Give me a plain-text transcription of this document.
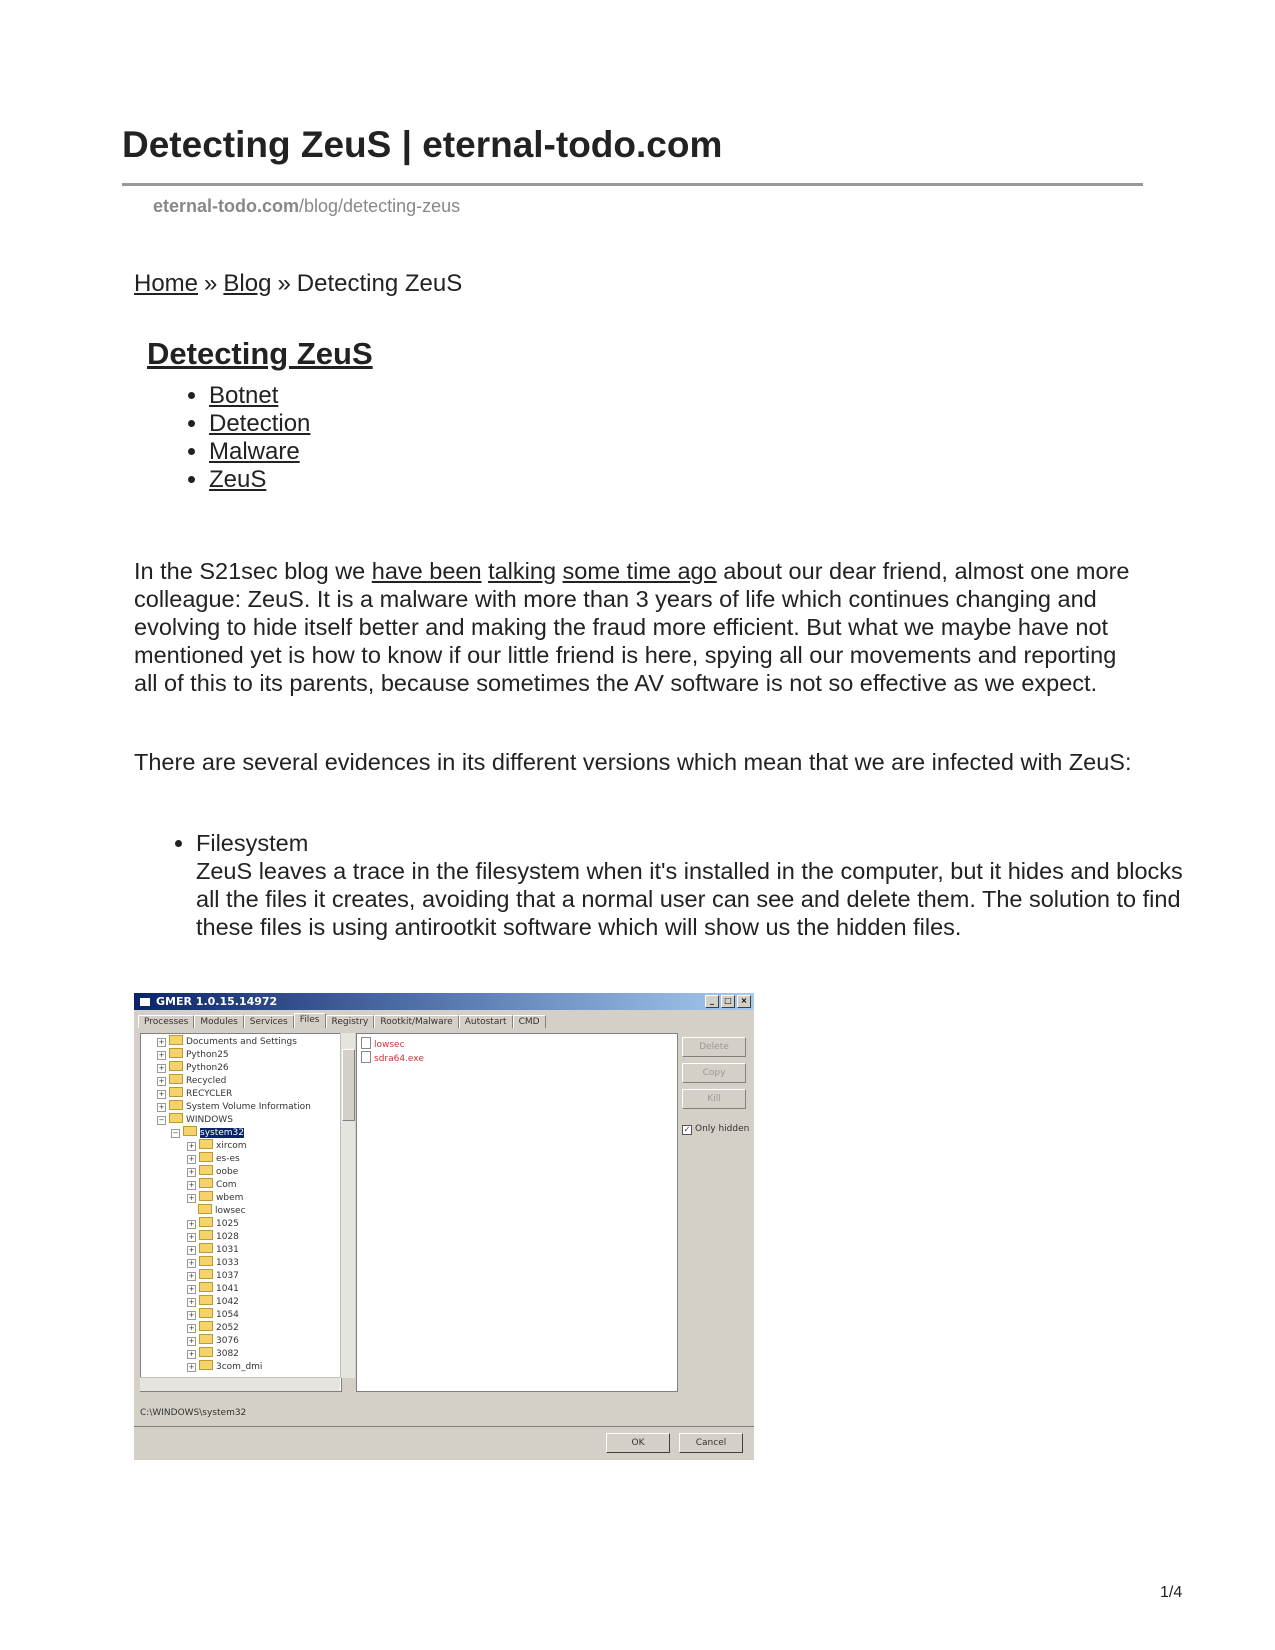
Detecting ZeuS | eternal-todo.com
eternal-todo.com/blog/detecting-zeus
Home » Blog » Detecting ZeuS
Detecting ZeuS
• Botnet
• Detection
• Malware
• ZeuS

In the S21sec blog we have been talking some time ago about our dear friend, almost one more colleague: ZeuS. It is a malware with more than 3 years of life which continues changing and evolving to hide itself better and making the fraud more efficient. But what we maybe have not mentioned yet is how to know if our little friend is here, spying all our movements and reporting all of this to its parents, because sometimes the AV software is not so effective as we expect.

There are several evidences in its different versions which mean that we are infected with ZeuS:

• Filesystem
ZeuS leaves a trace in the filesystem when it's installed in the computer, but it hides and blocks all the files it creates, avoiding that a normal user can see and delete them. The solution to find these files is using antirootkit software which will show us the hidden files.
GMER 1.0.15.14972	_	□	×
Processes	Modules	Services	Files	Registry	Rootkit/Malware	Autostart	CMD
+ Documents and Settings
+ Python25
+ Python26
+ Recycled
+ RECYCLER
+ System Volume Information
− WINDOWS
− system32
+ xircom
+ es-es
+ oobe
+ Com
+ wbem
lowsec
+ 1025
+ 1028
+ 1031
+ 1033
+ 1037
+ 1041
+ 1042
+ 1054
+ 2052
+ 3076
+ 3082
+ 3com_dmi
lowsec
sdra64.exe
Delete
Copy
Kill
✓ Only hidden
C:\WINDOWS\system32
OK	Cancel
1/4
